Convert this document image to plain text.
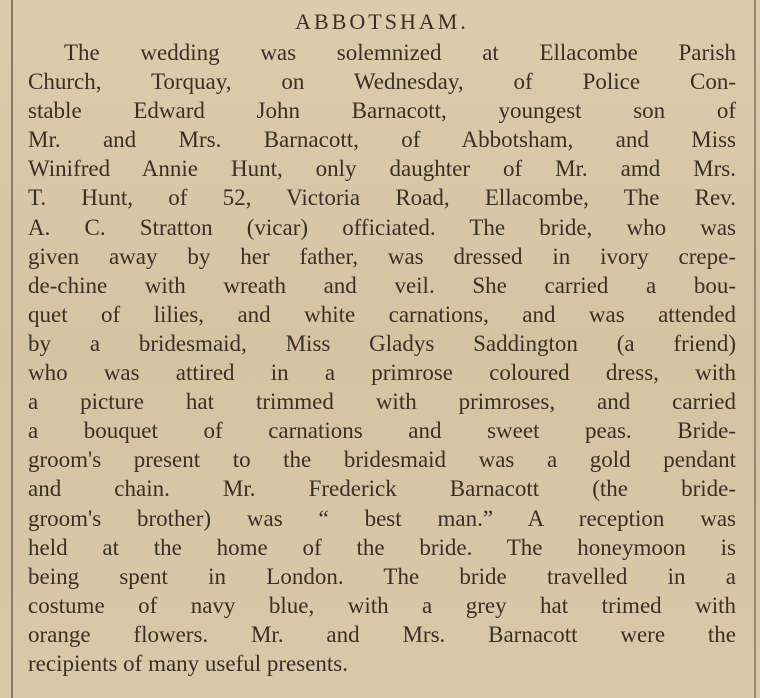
ABBOTSHAM.
The wedding was solemnized at Ellacombe Parish
Church, Torquay, on Wednesday, of Police Con-
stable Edward John Barnacott, youngest son of
Mr. and Mrs. Barnacott, of Abbotsham, and Miss
Winifred Annie Hunt, only daughter of Mr. amd Mrs.
T. Hunt, of 52, Victoria Road, Ellacombe, The Rev.
A. C. Stratton (vicar) officiated. The bride, who was
given away by her father, was dressed in ivory crepe-
de-chine with wreath and veil. She carried a bou-
quet of lilies, and white carnations, and was attended
by a bridesmaid, Miss Gladys Saddington (a friend)
who was attired in a primrose coloured dress, with
a picture hat trimmed with primroses, and carried
a bouquet of carnations and sweet peas. Bride-
groom's present to the bridesmaid was a gold pendant
and chain. Mr. Frederick Barnacott (the bride-
groom's brother) was “ best man.” A reception was
held at the home of the bride. The honeymoon is
being spent in London. The bride travelled in a
costume of navy blue, with a grey hat trimed with
orange flowers. Mr. and Mrs. Barnacott were the
recipients of many useful presents.
